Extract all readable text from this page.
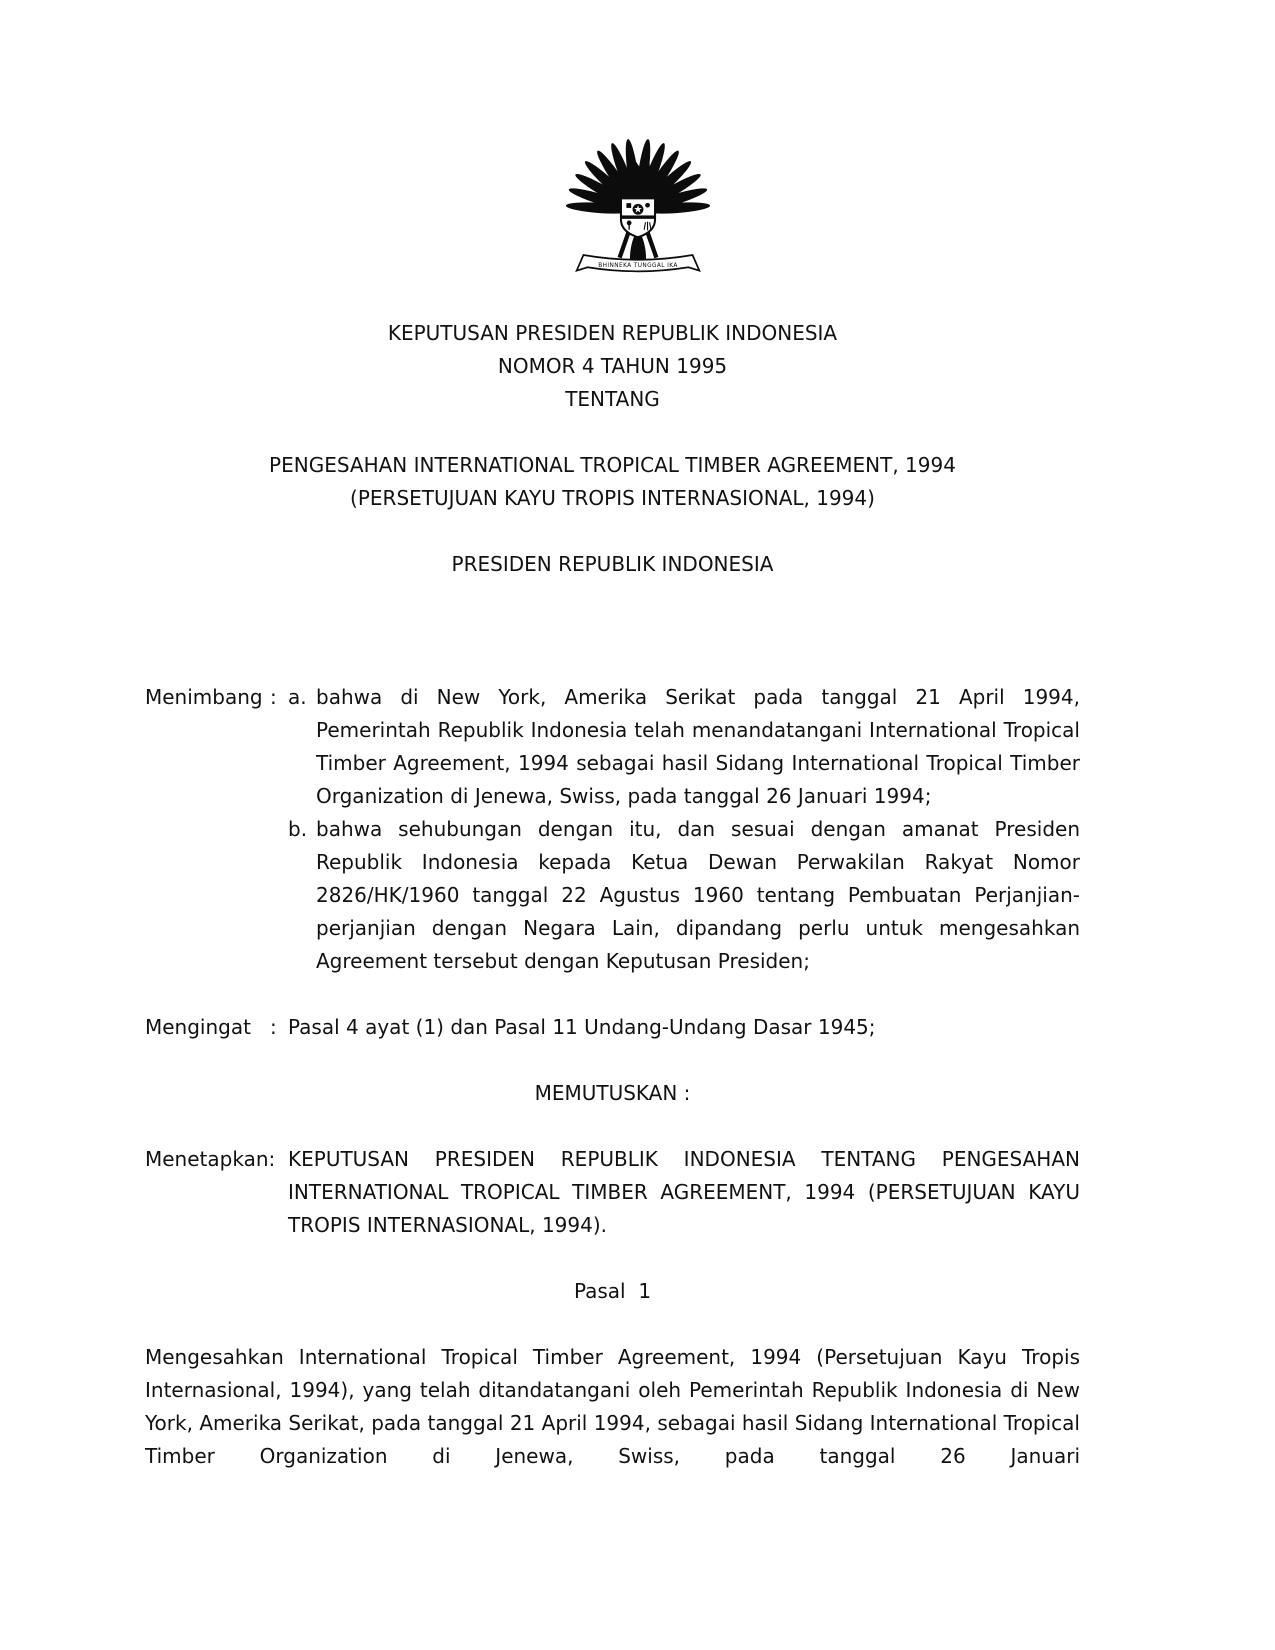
BHINNEKA TUNGGAL IKA
KEPUTUSAN PRESIDEN REPUBLIK INDONESIA
NOMOR 4 TAHUN 1995
TENTANG
PENGESAHAN INTERNATIONAL TROPICAL TIMBER AGREEMENT, 1994
(PERSETUJUAN KAYU TROPIS INTERNASIONAL, 1994)
PRESIDEN REPUBLIK INDONESIA
Menimbang : a. bahwa di New York, Amerika Serikat pada tanggal 21 April 1994, Pemerintah Republik Indonesia telah menandatangani International Tropical Timber Agreement, 1994 sebagai hasil Sidang International Tropical Timber Organization di Jenewa, Swiss, pada tanggal 26 Januari 1994;
b. bahwa sehubungan dengan itu, dan sesuai dengan amanat Presiden Republik Indonesia kepada Ketua Dewan Perwakilan Rakyat Nomor 2826/HK/1960 tanggal 22 Agustus 1960 tentang Pembuatan Perjanjian-perjanjian dengan Negara Lain, dipandang perlu untuk mengesahkan Agreement tersebut dengan Keputusan Presiden;
Mengingat : Pasal 4 ayat (1) dan Pasal 11 Undang-Undang Dasar 1945;
MEMUTUSKAN :
Menetapkan: KEPUTUSAN PRESIDEN REPUBLIK INDONESIA TENTANG PENGESAHAN INTERNATIONAL TROPICAL TIMBER AGREEMENT, 1994 (PERSETUJUAN KAYU TROPIS INTERNASIONAL, 1994).
Pasal  1
Mengesahkan International Tropical Timber Agreement, 1994 (Persetujuan Kayu Tropis Internasional, 1994), yang telah ditandatangani oleh Pemerintah Republik Indonesia di New York, Amerika Serikat, pada tanggal 21 April 1994, sebagai hasil Sidang International Tropical Timber Organization di Jenewa, Swiss, pada tanggal 26 Januari
